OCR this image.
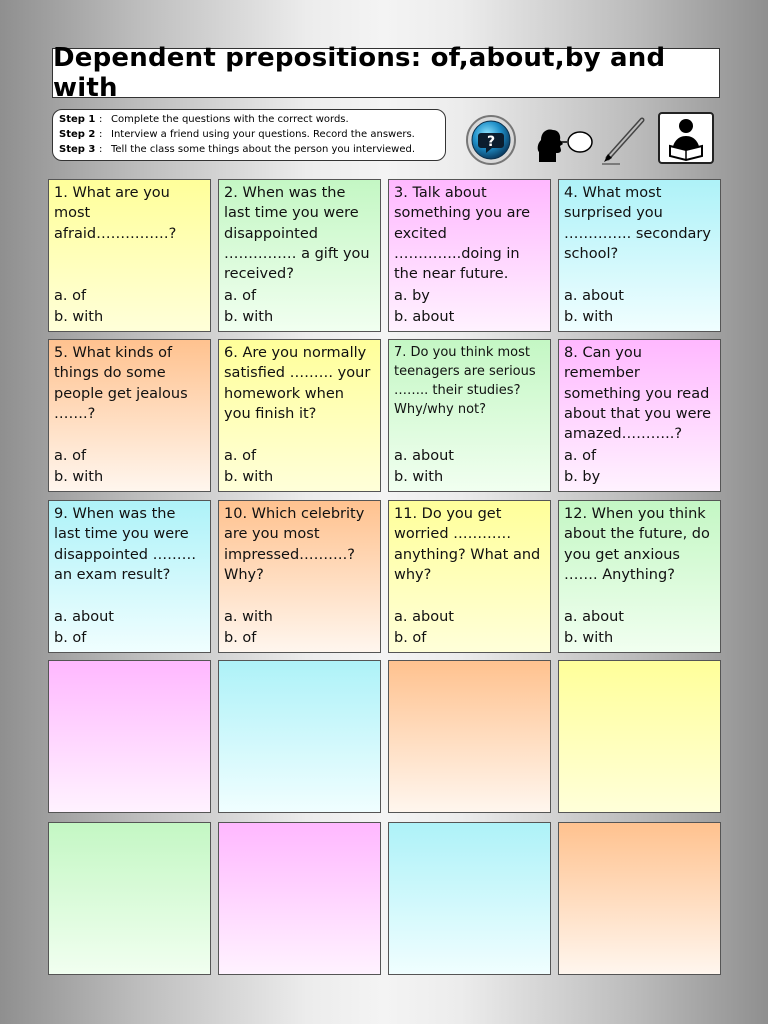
Dependent prepositions: of,about,by and with
Step 1 : Complete the questions with the correct words.
Step 2 : Interview a friend using your questions. Record the answers.
Step 3 : Tell the class some things about the person you interviewed.	?

1. What are you most afraid……………?

a. of
b. with

2. When was the last time you were disappointed …………… a gift you received?

a. of
b. with

3. Talk about something you are excited …………..doing in the near future.

a. by
b. about

4. What most surprised you ………….. secondary school?

a. about
b. with

5. What kinds of things do some people get jealous …….?

a. of
b. with

6. Are you normally satisfied ……… your homework when you finish it?

a. of
b. with

7. Do you think most teenagers are serious …….. their studies? Why/why not?

a. about
b. with

8. Can you remember something you read about that you were amazed………..?

a. of
b. by

9. When was the last time you were disappointed ……… an exam result?

a. about
b. of

10. Which celebrity are you most impressed……….? Why?

a. with
b. of

11. Do you get worried ………… anything? What and why?

a. about
b. of

12. When you think about the future, do you get anxious ……. Anything?

a. about
b. with
